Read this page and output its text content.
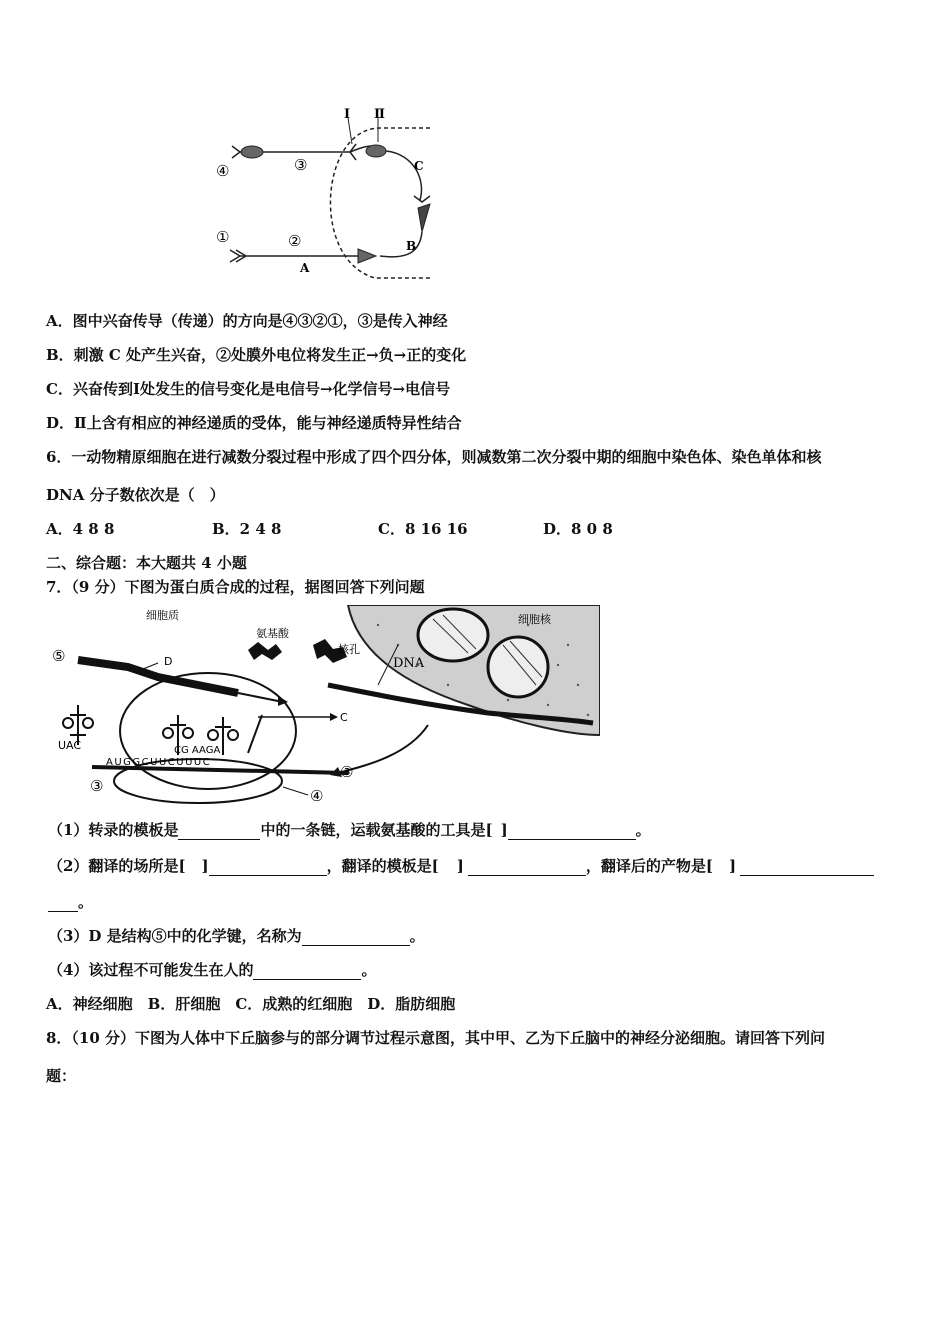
I Ⅱ
C
B
A
①	②
③
④
A．图中兴奋传导（传递）的方向是④③②①，③是传入神经
B．刺激 C 处产生兴奋，②处膜外电位将发生正→负→正的变化
C．兴奋传到Ⅰ处发生的信号变化是电信号→化学信号→电信号
D．Ⅱ上含有相应的神经递质的受体，能与神经递质特异性结合
6．一动物精原细胞在进行减数分裂过程中形成了四个四分体，则减数第二次分裂中期的细胞中染色体、染色单体和核
DNA 分子数依次是（　）
A．4 8 8	B．2 4 8	C．8 16 16	D．8 0 8
二、综合题：本大题共 4 小题
7．（9 分）下图为蛋白质合成的过程，据图回答下列问题
细胞质
氨基酸
细胞核
核孔
DNA
D
C
UAC	CG AAGA
AUGGCUUCUUUC
③
③
④
⑤
（1）转录的模板是	中的一条链，运载氨基酸的工具是[ ]	。
（2）翻译的场所是[ ]	，翻译的模板是[ ]	，翻译后的产物是[ ]
。
（3）D 是结构⑤中的化学键，名称为	。
（4）该过程不可能发生在人的	。
A．神经细胞　B．肝细胞　C．成熟的红细胞　D．脂肪细胞
8．（10 分）下图为人体中下丘脑参与的部分调节过程示意图，其中甲、乙为下丘脑中的神经分泌细胞。请回答下列问
题：
